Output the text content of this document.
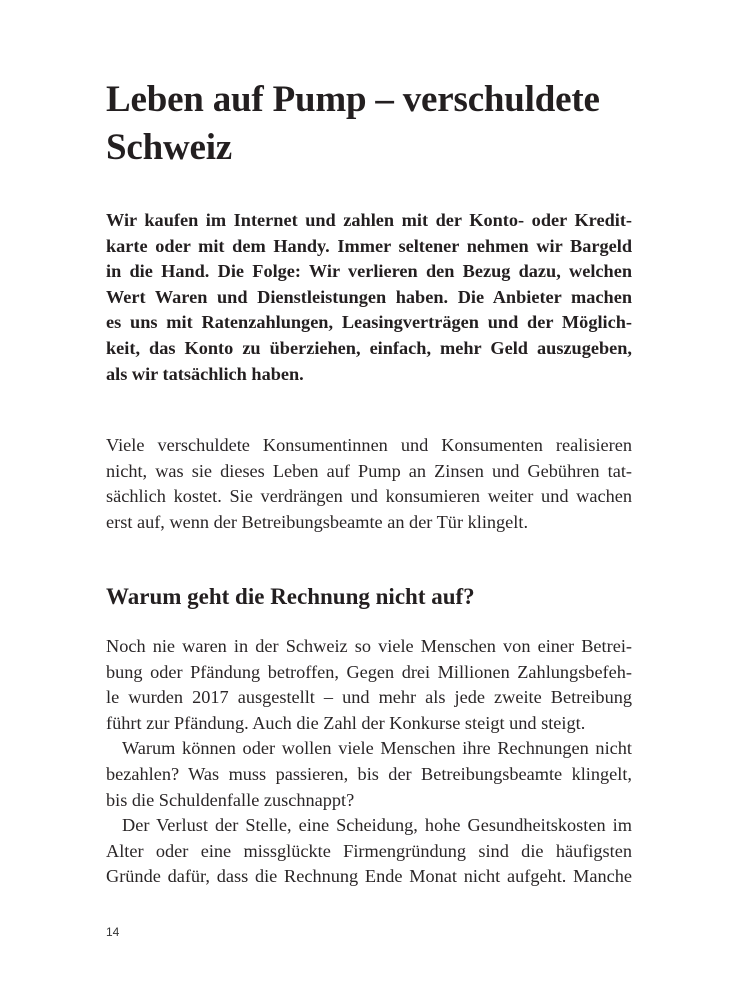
Leben auf Pump – verschuldete
Schweiz
Wir kaufen im Internet und zahlen mit der Konto- oder Kredit-
karte oder mit dem Handy. Immer seltener nehmen wir Bargeld
in die Hand. Die Folge: Wir verlieren den Bezug dazu, welchen
Wert Waren und Dienstleistungen haben. Die Anbieter machen
es uns mit Ratenzahlungen, Leasingverträgen und der Möglich-
keit, das Konto zu überziehen, einfach, mehr Geld auszugeben,
als wir tatsächlich haben.
Viele verschuldete Konsumentinnen und Konsumenten realisieren
nicht, was sie dieses Leben auf Pump an Zinsen und Gebühren tat-
sächlich kostet. Sie verdrängen und konsumieren weiter und wachen
erst auf, wenn der Betreibungsbeamte an der Tür klingelt.
Warum geht die Rechnung nicht auf?
Noch nie waren in der Schweiz so viele Menschen von einer Betrei-
bung oder Pfändung betroffen, Gegen drei Millionen Zahlungsbefeh-
le wurden 2017 ausgestellt – und mehr als jede zweite Betreibung
führt zur Pfändung. Auch die Zahl der Konkurse steigt und steigt.
Warum können oder wollen viele Menschen ihre Rechnungen nicht
bezahlen? Was muss passieren, bis der Betreibungsbeamte klingelt,
bis die Schuldenfalle zuschnappt?
Der Verlust der Stelle, eine Scheidung, hohe Gesundheitskosten im
Alter oder eine missglückte Firmengründung sind die häufigsten
Gründe dafür, dass die Rechnung Ende Monat nicht aufgeht. Manche
14
